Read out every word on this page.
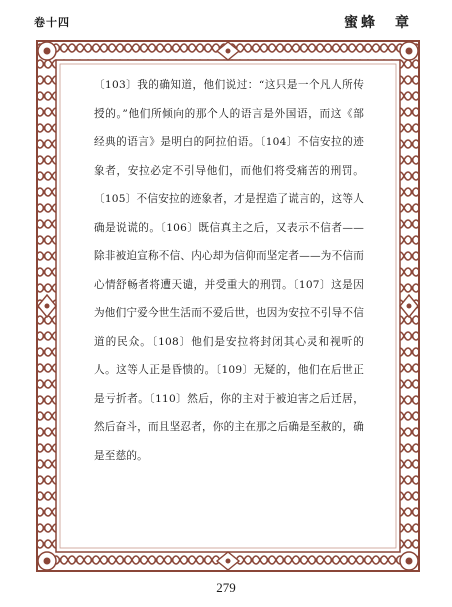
卷十四	蜜蜂　章

〔103〕我的确知道，他们说过：“这只是一个凡人所传授的。”他们所倾向的那个人的语言是外国语，而这《部经典的语言》是明白的阿拉伯语。〔104〕不信安拉的迹象者，安拉必定不引导他们，而他们将受痛苦的刑罚。〔105〕不信安拉的迹象者，才是捏造了谎言的，这等人确是说谎的。〔106〕既信真主之后，又表示不信者——除非被迫宣称不信、内心却为信仰而坚定者——为不信而心情舒畅者将遭天谴，并受重大的刑罚。〔107〕这是因为他们宁爱今世生活而不爱后世，也因为安拉不引导不信道的民众。〔108〕他们是安拉将封闭其心灵和视听的人。这等人正是昏愦的。〔109〕无疑的，他们在后世正是亏折者。〔110〕然后，你的主对于被迫害之后迁居，然后奋斗，而且坚忍者，你的主在那之后确是至赦的，确是至慈的。

279
